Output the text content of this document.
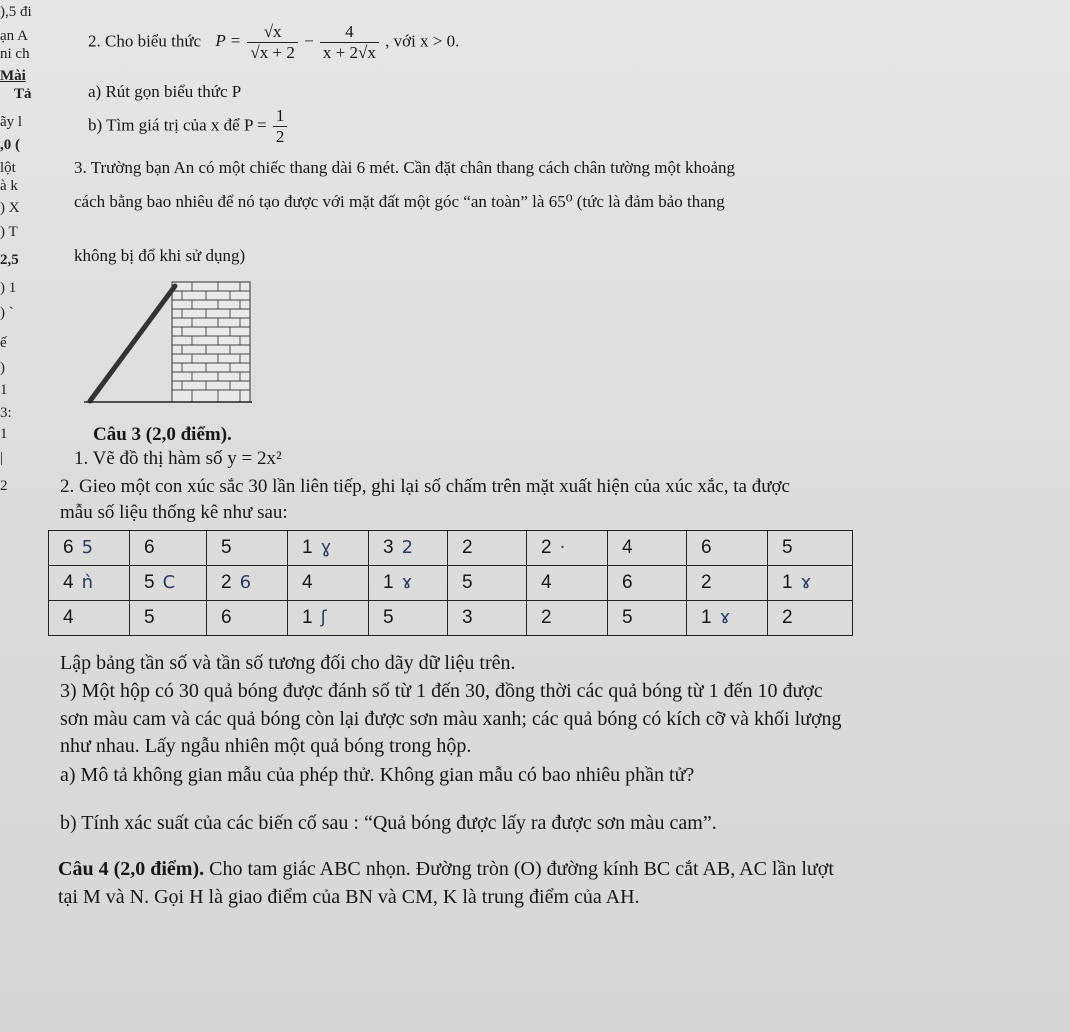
),5 đi
ạn A
ni ch
Mài
Tả
ãy l
,0 (
lột
à k
) X
) T
2,5
) 1
) `
ế
)
1
3:
1
|
2
2. Cho biểu thức $P = \frac{√x}{√x + 2} - \frac{4}{x + 2√x}$ , với x > 0.
a) Rút gọn biểu thức P
b) Tìm giá trị của x để $P = \frac{1}{2}$
3. Trường bạn An có một chiếc thang dài 6 mét. Cần đặt chân thang cách chân tường một khoảng
cách bằng bao nhiêu để nó tạo được với mặt đất một góc “an toàn” là 65⁰ (tức là đảm bảo thang
không bị đổ khi sử dụng)
Câu 3 (2,0 điểm).
1. Vẽ đồ thị hàm số y = 2x²
2. Gieo một con xúc sắc 30 lần liên tiếp, ghi lại số chấm trên mặt xuất hiện của xúc xắc, ta được
mẫu số liệu thống kê như sau:
6 5	6	5	1 ɣ	3 2	2	2 ·	4	6	5
4 ǹ	5 C	2 6	4	1 ɤ	5	4	6	2	1 ɤ
4	5	6	1 ʃ	5	3	2	5	1 ɤ	2
Lập bảng tần số và tần số tương đối cho dãy dữ liệu trên.
3) Một hộp có 30 quả bóng được đánh số từ 1 đến 30, đồng thời các quả bóng từ 1 đến 10 được
sơn màu cam và các quả bóng còn lại được sơn màu xanh; các quả bóng có kích cỡ và khối lượng
như nhau. Lấy ngẫu nhiên một quả bóng trong hộp.
a) Mô tả không gian mẫu của phép thử. Không gian mẫu có bao nhiêu phần tử?
b) Tính xác suất của các biến cố sau : “Quả bóng được lấy ra được sơn màu cam”.
Câu 4 (2,0 điểm). Cho tam giác ABC nhọn. Đường tròn (O) đường kính BC cắt AB, AC lần lượt
tại M và N. Gọi H là giao điểm của BN và CM, K là trung điểm của AH.
